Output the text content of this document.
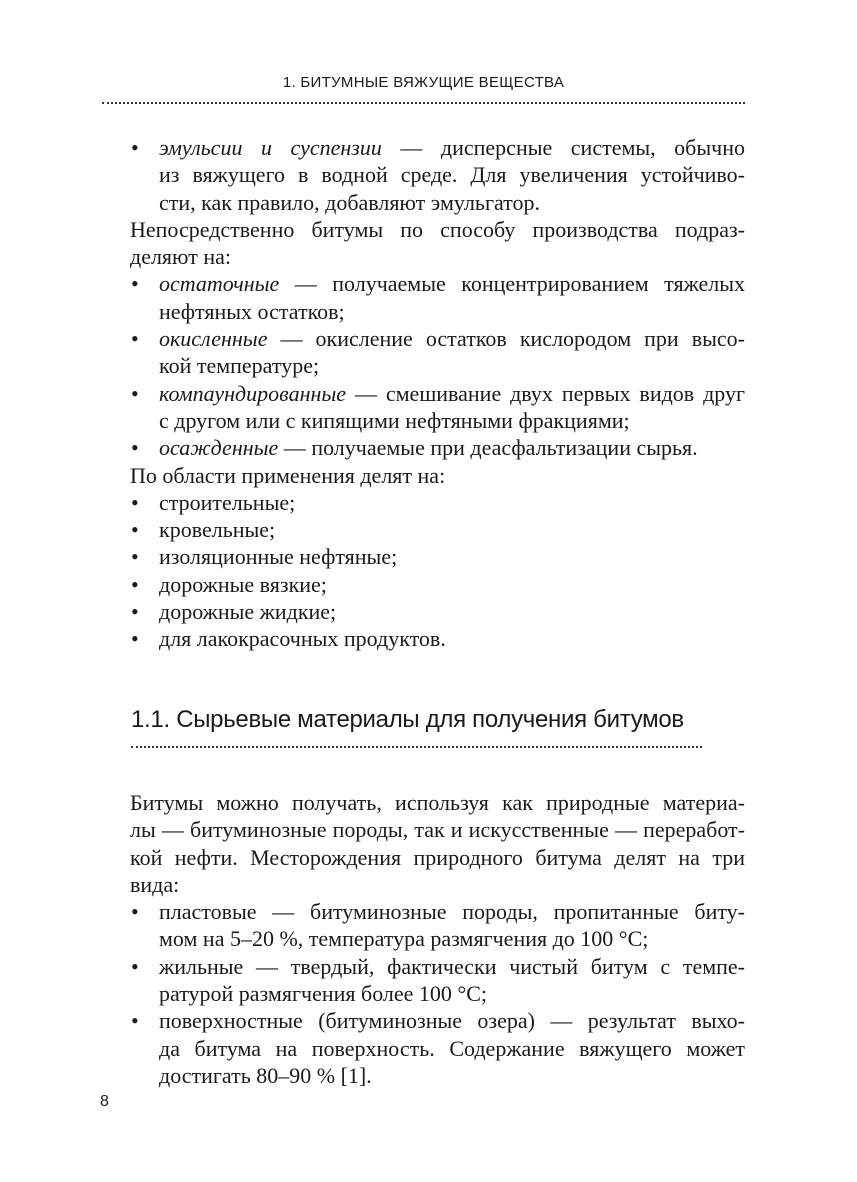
1. БИТУМНЫЕ ВЯЖУЩИЕ ВЕЩЕСТВА
• эмульсии и суспензии — дисперсные системы, обычно
из вяжущего в водной среде. Для увеличения устойчиво-
сти, как правило, добавляют эмульгатор.
Непосредственно битумы по способу производства подраз-
деляют на:
• остаточные — получаемые концентрированием тяжелых
нефтяных остатков;
• окисленные — окисление остатков кислородом при высо-
кой температуре;
• компаундированные — смешивание двух первых видов друг
с другом или с кипящими нефтяными фракциями;
• осажденные — получаемые при деасфальтизации сырья.
По области применения делят на:
• строительные;
• кровельные;
• изоляционные нефтяные;
• дорожные вязкие;
• дорожные жидкие;
• для лакокрасочных продуктов.
1.1. Сырьевые материалы для получения битумов
Битумы можно получать, используя как природные материа-
лы — битуминозные породы, так и искусственные — переработ-
кой нефти. Месторождения природного битума делят на три вида:
• пластовые — битуминозные породы, пропитанные биту-
мом на 5–20 %, температура размягчения до 100 °С;
• жильные — твердый, фактически чистый битум с темпе-
ратурой размягчения более 100 °С;
• поверхностные (битуминозные озера) — результат выхо-
да битума на поверхность. Содержание вяжущего может
достигать 80–90 % [1].
8
